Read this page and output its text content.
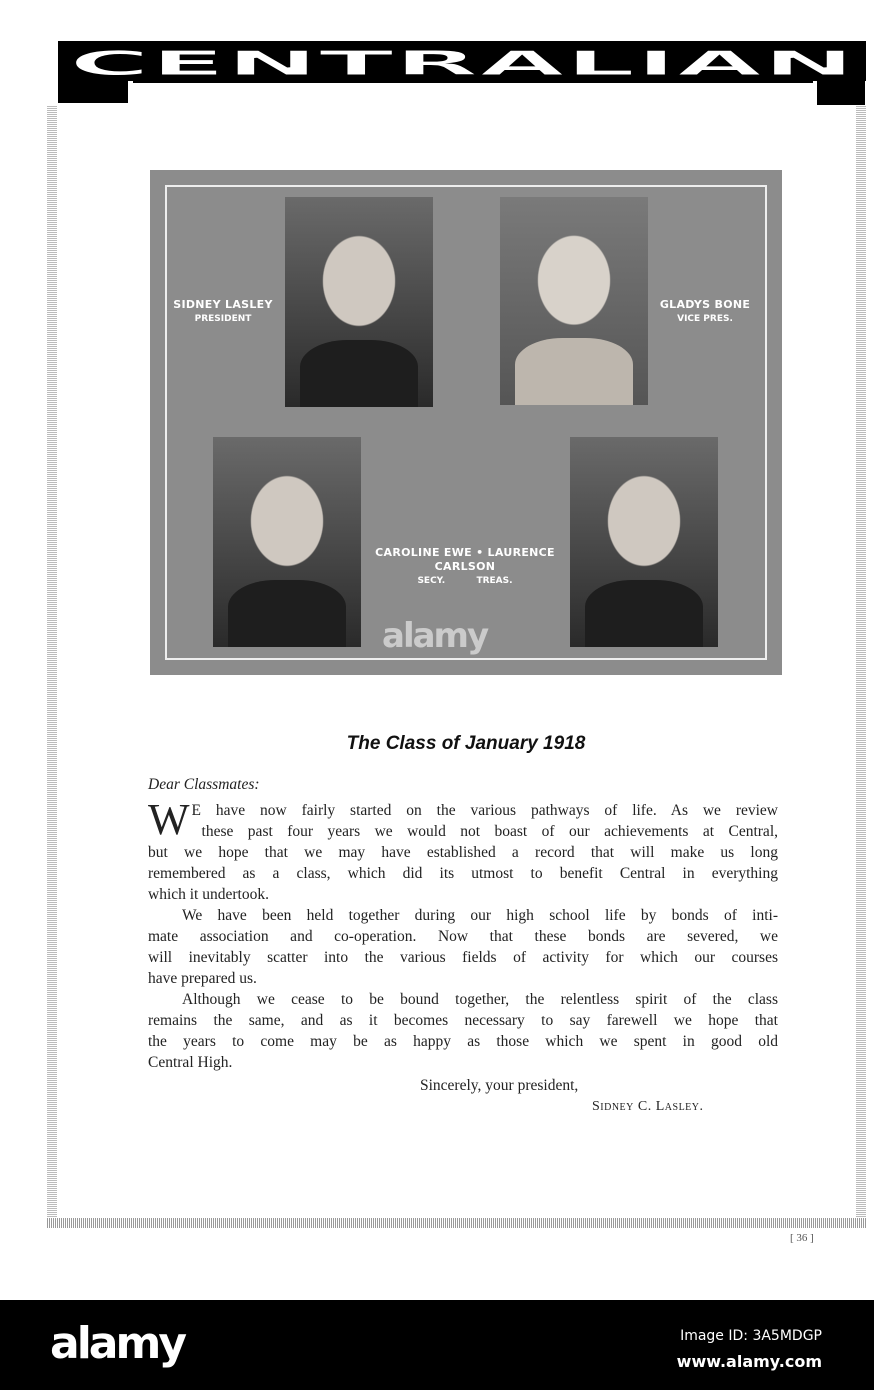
CENTRALIAN
SIDNEY LASLEY
PRESIDENT
GLADYS BONE
VICE PRES.
CAROLINE EWE • LAURENCE CARLSON
SECY.          TREAS.
alamy
The Class of January 1918
Dear Classmates:
W E have now fairly started on the various pathways of life. As we review
these past four years we would not boast of our achievements at Central,
but we hope that we may have established a record that will make us long
remembered as a class, which did its utmost to benefit Central in everything
which it undertook.
We have been held together during our high school life by bonds of inti-
mate association and co-operation. Now that these bonds are severed, we
will inevitably scatter into the various fields of activity for which our courses
have prepared us.
Although we cease to be bound together, the relentless spirit of the class
remains the same, and as it becomes necessary to say farewell we hope that
the years to come may be as happy as those which we spent in good old
Central High.
Sincerely, your president,
Sidney C. Lasley.
[ 36 ]
alamy	Image ID: 3A5MDGP
www.alamy.com
